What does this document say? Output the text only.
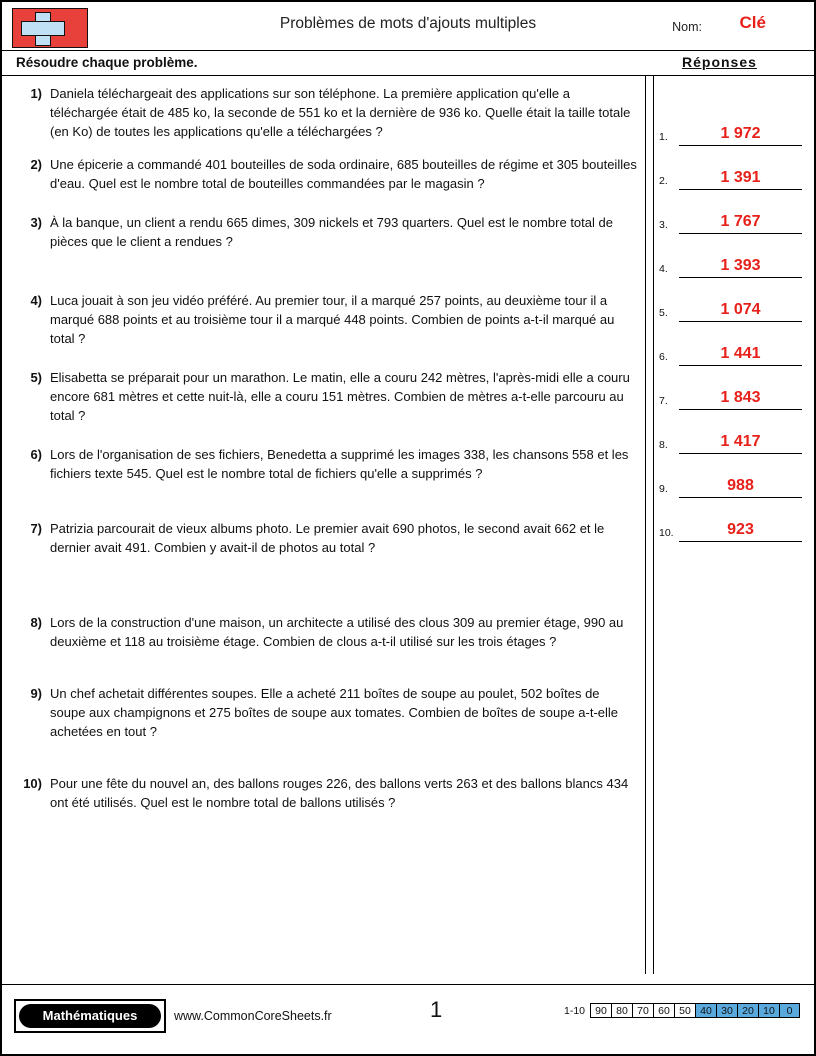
Problèmes de mots d'ajouts multiples	Nom: Clé
Résoudre chaque problème.	Réponses
1) Daniela téléchargeait des applications sur son téléphone. La première application qu'elle a téléchargée était de 485 ko, la seconde de 551 ko et la dernière de 936 ko. Quelle était la taille totale (en Ko) de toutes les applications qu'elle a téléchargées ?
2) Une épicerie a commandé 401 bouteilles de soda ordinaire, 685 bouteilles de régime et 305 bouteilles d'eau. Quel est le nombre total de bouteilles commandées par le magasin ?
3) À la banque, un client a rendu 665 dimes, 309 nickels et 793 quarters. Quel est le nombre total de pièces que le client a rendues ?
4) Luca jouait à son jeu vidéo préféré. Au premier tour, il a marqué 257 points, au deuxième tour il a marqué 688 points et au troisième tour il a marqué 448 points. Combien de points a-t-il marqué au total ?
5) Elisabetta se préparait pour un marathon. Le matin, elle a couru 242 mètres, l'après-midi elle a couru encore 681 mètres et cette nuit-là, elle a couru 151 mètres. Combien de mètres a-t-elle parcouru au total ?
6) Lors de l'organisation de ses fichiers, Benedetta a supprimé les images 338, les chansons 558 et les fichiers texte 545. Quel est le nombre total de fichiers qu'elle a supprimés ?
7) Patrizia parcourait de vieux albums photo. Le premier avait 690 photos, le second avait 662 et le dernier avait 491. Combien y avait-il de photos au total ?
8) Lors de la construction d'une maison, un architecte a utilisé des clous 309 au premier étage, 990 au deuxième et 118 au troisième étage. Combien de clous a-t-il utilisé sur les trois étages ?
9) Un chef achetait différentes soupes. Elle a acheté 211 boîtes de soupe au poulet, 502 boîtes de soupe aux champignons et 275 boîtes de soupe aux tomates. Combien de boîtes de soupe a-t-elle achetées en tout ?
10) Pour une fête du nouvel an, des ballons rouges 226, des ballons verts 263 et des ballons blancs 434 ont été utilisés. Quel est le nombre total de ballons utilisés ?
1.	1 972
2.	1 391
3.	1 767
4.	1 393
5.	1 074
6.	1 441
7.	1 843
8.	1 417
9.	988
10.	923
Mathématiques	www.CommonCoreSheets.fr	1	1-10 90 80 70 60 50 40 30 20 10	0
